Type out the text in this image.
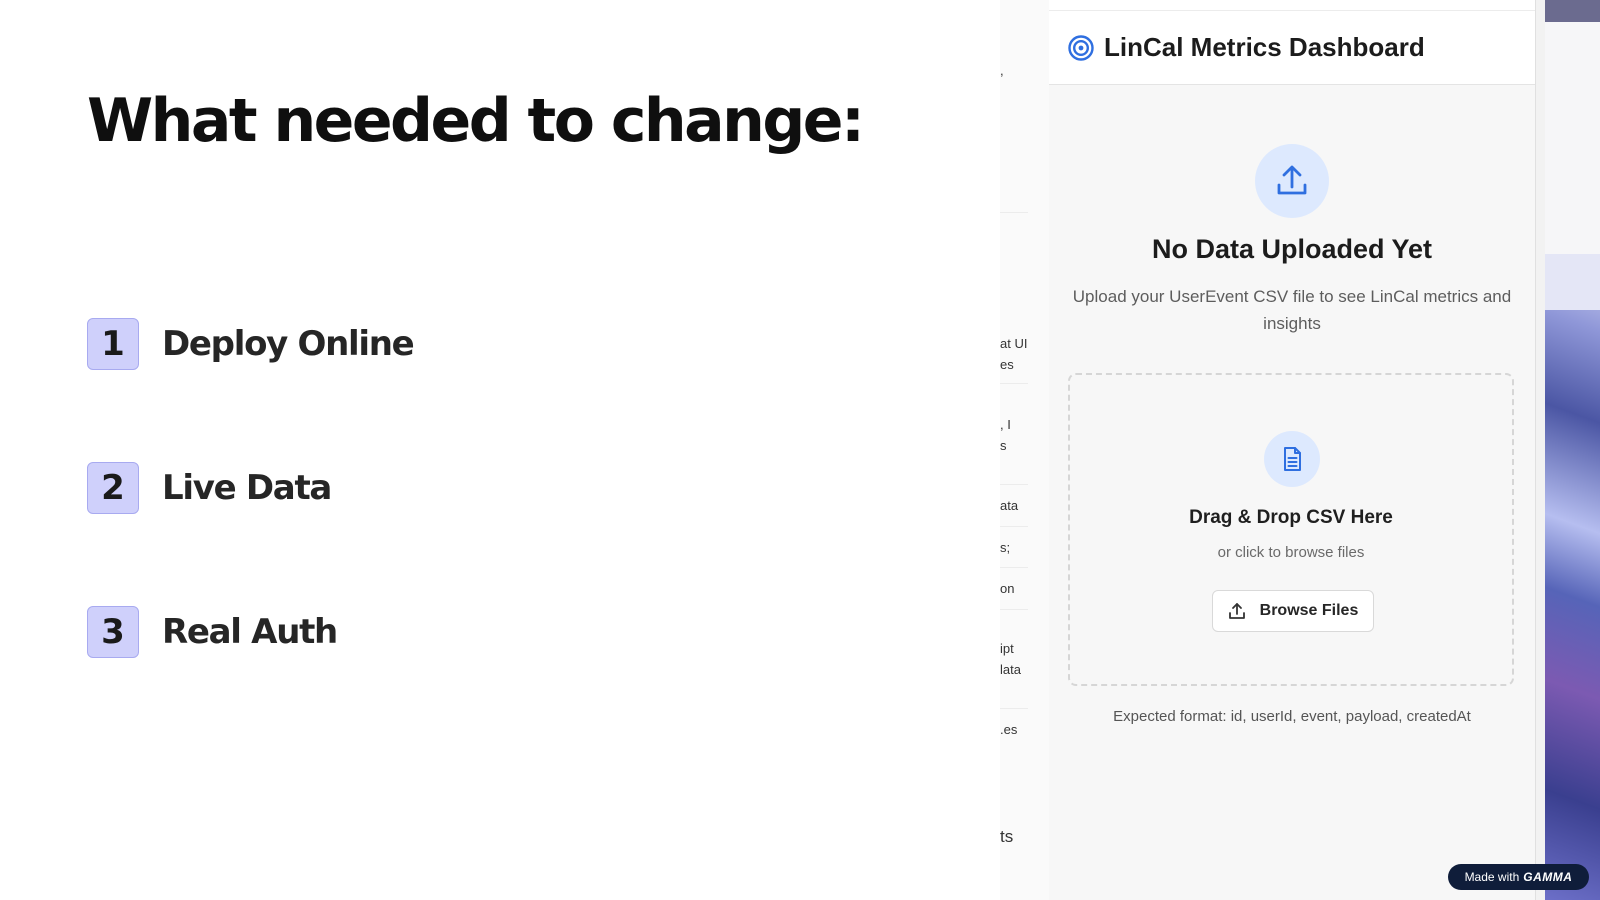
What needed to change:
1	Deploy Online
2	Live Data
3	Real Auth
,
at UI
es
, I
s
ata
s;
on
ipt
lata
.es
ts
LinCal Metrics Dashboard
No Data Uploaded Yet
Upload your UserEvent CSV file to see LinCal metrics and insights
Drag & Drop CSV Here
or click to browse files
Browse Files
Expected format: id, userId, event, payload, createdAt
Made with GAMMA
